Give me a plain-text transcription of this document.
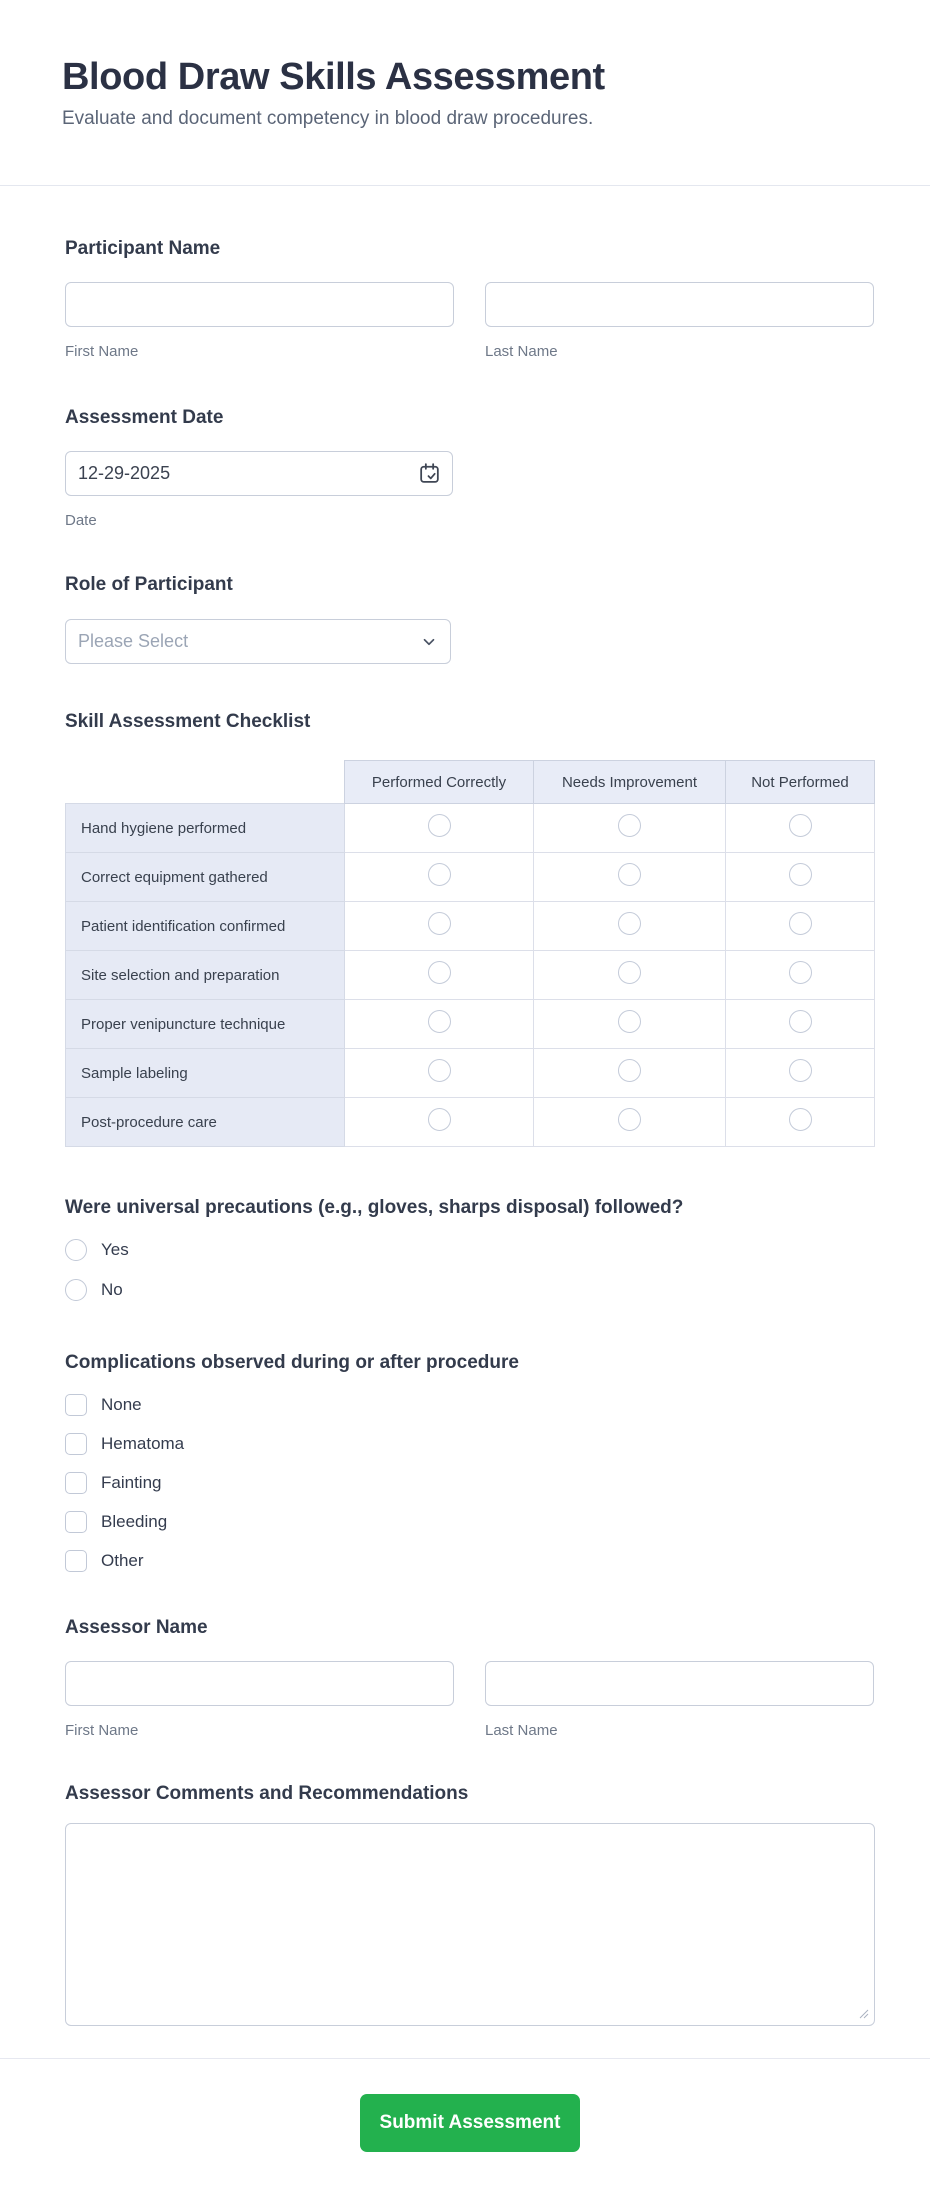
Blood Draw Skills Assessment
Evaluate and document competency in blood draw procedures.
Participant Name
First Name	Last Name
Assessment Date
12-29-2025
Date
Role of Participant
Please Select
Skill Assessment Checklist
	Performed Correctly	Needs Improvement	Not Performed
Hand hygiene performed			
Correct equipment gathered			
Patient identification confirmed			
Site selection and preparation			
Proper venipuncture technique			
Sample labeling			
Post-procedure care			
Were universal precautions (e.g., gloves, sharps disposal) followed?
Yes
No
Complications observed during or after procedure
None
Hematoma
Fainting
Bleeding
Other
Assessor Name
First Name	Last Name
Assessor Comments and Recommendations
Submit Assessment
